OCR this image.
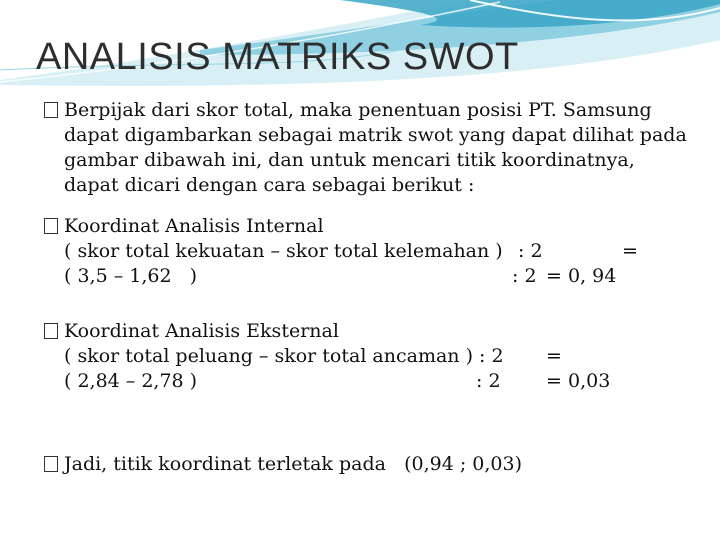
ANALISIS MATRIKS SWOT
Berpijak dari skor total, maka penentuan posisi PT. Samsung
dapat digambarkan sebagai matrik swot yang dapat dilihat pada
gambar dibawah ini, dan untuk mencari titik koordinatnya,
dapat dicari dengan cara sebagai berikut :
Koordinat Analisis Internal

( skor total kekuatan – skor total kelemahan )

: 2

	=

( 3,5 – 1,62   )

	: 2

=

0, 94

Koordinat Analisis Eksternal

( skor total peluang – skor total ancaman ) : 2

=

( 2,84 – 2,78 )

	: 2

=

0,03

Jadi, titik koordinat terletak pada   (0,94 ; 0,03)
